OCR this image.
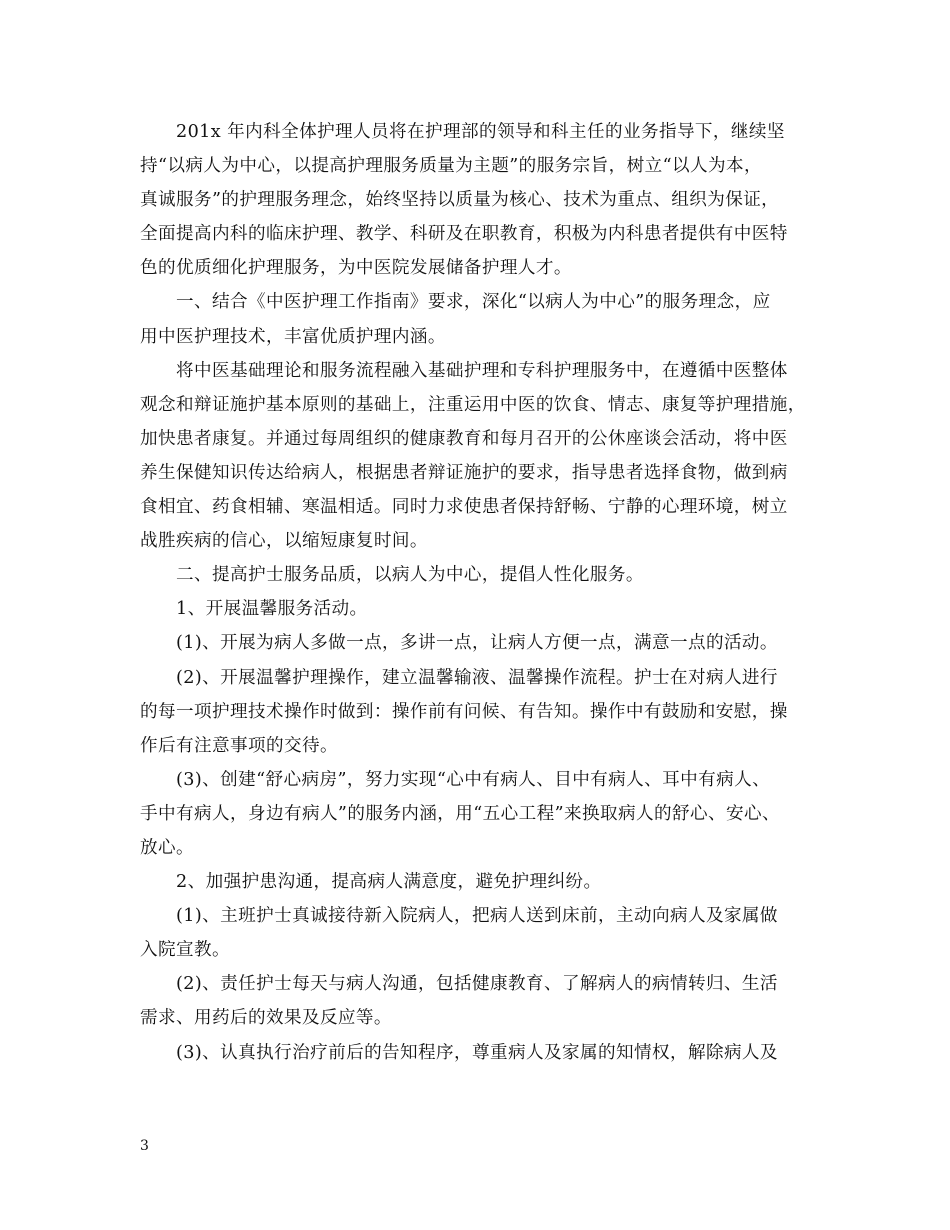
201x 年内科全体护理人员将在护理部的领导和科主任的业务指导下，继续坚
持“以病人为中心，以提高护理服务质量为主题”的服务宗旨，树立“以人为本，
真诚服务”的护理服务理念，始终坚持以质量为核心、技术为重点、组织为保证，
全面提高内科的临床护理、教学、科研及在职教育，积极为内科患者提供有中医特
色的优质细化护理服务，为中医院发展储备护理人才。
一、结合《中医护理工作指南》要求，深化“以病人为中心”的服务理念，应
用中医护理技术，丰富优质护理内涵。
将中医基础理论和服务流程融入基础护理和专科护理服务中，在遵循中医整体
观念和辩证施护基本原则的基础上，注重运用中医的饮食、情志、康复等护理措施，
加快患者康复。并通过每周组织的健康教育和每月召开的公休座谈会活动，将中医
养生保健知识传达给病人，根据患者辩证施护的要求，指导患者选择食物，做到病
食相宜、药食相辅、寒温相适。同时力求使患者保持舒畅、宁静的心理环境，树立
战胜疾病的信心，以缩短康复时间。
二、提高护士服务品质，以病人为中心，提倡人性化服务。
1、开展温馨服务活动。
(1)、开展为病人多做一点，多讲一点，让病人方便一点，满意一点的活动。
(2)、开展温馨护理操作，建立温馨输液、温馨操作流程。护士在对病人进行
的每一项护理技术操作时做到：操作前有问候、有告知。操作中有鼓励和安慰，操
作后有注意事项的交待。
(3)、创建“舒心病房”，努力实现“心中有病人、目中有病人、耳中有病人、
手中有病人，身边有病人”的服务内涵，用“五心工程”来换取病人的舒心、安心、
放心。
2、加强护患沟通，提高病人满意度，避免护理纠纷。
(1)、主班护士真诚接待新入院病人，把病人送到床前，主动向病人及家属做
入院宣教。
(2)、责任护士每天与病人沟通，包括健康教育、了解病人的病情转归、生活
需求、用药后的效果及反应等。
(3)、认真执行治疗前后的告知程序，尊重病人及家属的知情权，解除病人及
3
